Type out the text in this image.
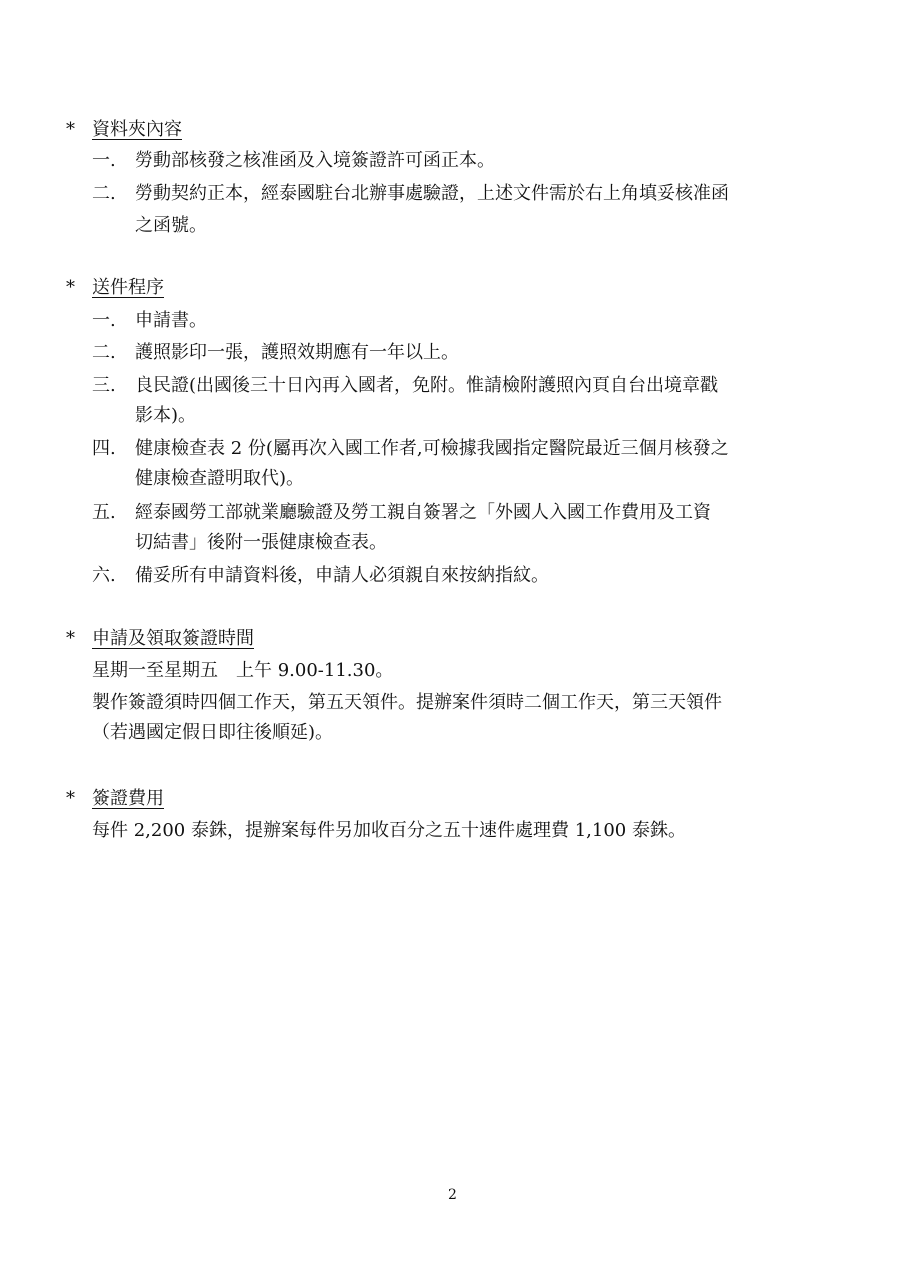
* 資料夾內容
一. 勞動部核發之核准函及入境簽證許可函正本。
二. 勞動契約正本，經泰國駐台北辦事處驗證，上述文件需於右上角填妥核准函
之函號。
* 送件程序
一. 申請書。
二. 護照影印一張，護照效期應有一年以上。
三. 良民證(出國後三十日內再入國者，免附。惟請檢附護照內頁自台出境章戳
影本)。
四. 健康檢查表 2 份(屬再次入國工作者,可檢據我國指定醫院最近三個月核發之
健康檢查證明取代)。
五. 經泰國勞工部就業廳驗證及勞工親自簽署之「外國人入國工作費用及工資
切結書」後附一張健康檢查表。
六. 備妥所有申請資料後，申請人必須親自來按納指紋。
* 申請及領取簽證時間
星期一至星期五　上午 9.00-11.30。
製作簽證須時四個工作天，第五天領件。提辦案件須時二個工作天，第三天領件
（若遇國定假日即往後順延)。
* 簽證費用
每件 2,200 泰銖，提辦案每件另加收百分之五十速件處理費 1,100 泰銖。
2
